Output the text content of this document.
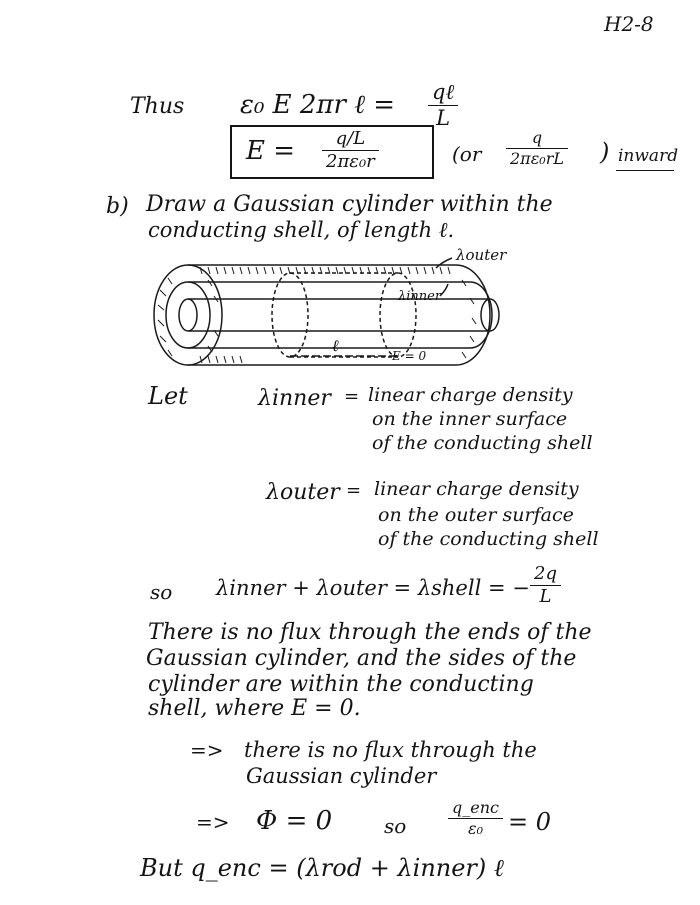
H2-8
Thus ε₀ E 2πr ℓ = qℓ
L
E = q/L
2πε₀r	(or
q
2πε₀rL ) inward
b) Draw a Gaussian cylinder within the
conducting shell, of length ℓ.
λouter
λinner
ℓ
E = 0
Let	λinner = linear charge density
on the inner surface
of the conducting shell
λouter = linear charge density
on the outer surface
of the conducting shell
so λinner + λouter = λshell = −
2q
L
There is no flux through the ends of the
Gaussian cylinder, and the sides of the
cylinder are within the conducting
shell, where E = 0.
=> there is no flux through the
Gaussian cylinder
=> Φ = 0	so
q_enc
ε₀ = 0
But q_enc = (λrod + λinner) ℓ
